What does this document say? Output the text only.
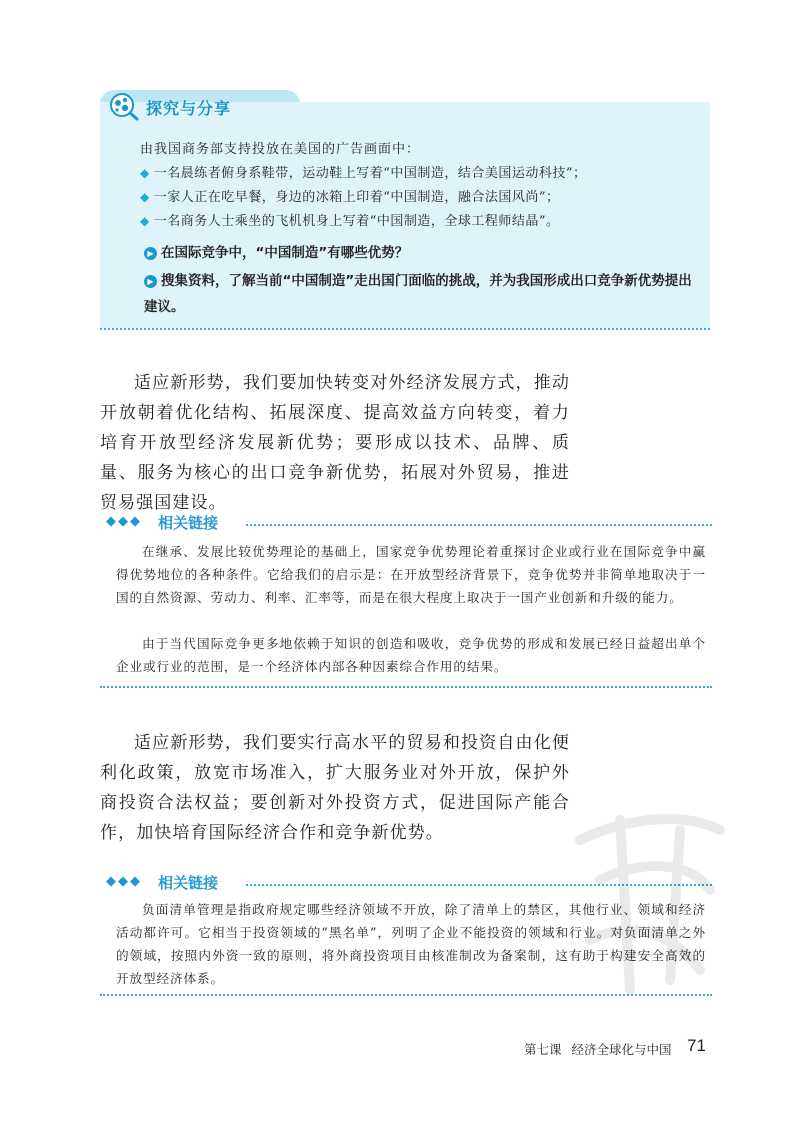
探究与分享
由我国商务部支持投放在美国的广告画面中：
◆ 一名晨练者俯身系鞋带，运动鞋上写着“中国制造，结合美国运动科技”；
◆ 一家人正在吃早餐，身边的冰箱上印着“中国制造，融合法国风尚”；
◆ 一名商务人士乘坐的飞机机身上写着“中国制造，全球工程师结晶”。
▶ 在国际竞争中，“中国制造”有哪些优势？
▶ 搜集资料，了解当前“中国制造”走出国门面临的挑战，并为我国形成出口竞争新优势提出建议。
适应新形势，我们要加快转变对外经济发展方式，推动开放朝着优化结构、拓展深度、提高效益方向转变，着力培育开放型经济发展新优势；要形成以技术、品牌、质量、服务为核心的出口竞争新优势，拓展对外贸易，推进贸易强国建设。
◆◆◆ 相关链接
在继承、发展比较优势理论的基础上，国家竞争优势理论着重探讨企业或行业在国际竞争中赢得优势地位的各种条件。它给我们的启示是：在开放型经济背景下，竞争优势并非简单地取决于一国的自然资源、劳动力、利率、汇率等，而是在很大程度上取决于一国产业创新和升级的能力。
由于当代国际竞争更多地依赖于知识的创造和吸收，竞争优势的形成和发展已经日益超出单个企业或行业的范围，是一个经济体内部各种因素综合作用的结果。
适应新形势，我们要实行高水平的贸易和投资自由化便利化政策，放宽市场准入，扩大服务业对外开放，保护外商投资合法权益；要创新对外投资方式，促进国际产能合作，加快培育国际经济合作和竞争新优势。
◆◆◆ 相关链接
负面清单管理是指政府规定哪些经济领域不开放，除了清单上的禁区，其他行业、领域和经济活动都许可。它相当于投资领域的“黑名单”，列明了企业不能投资的领域和行业。对负面清单之外的领域，按照内外资一致的原则，将外商投资项目由核准制改为备案制，这有助于构建安全高效的开放型经济体系。
第七课 经济全球化与中国 71
